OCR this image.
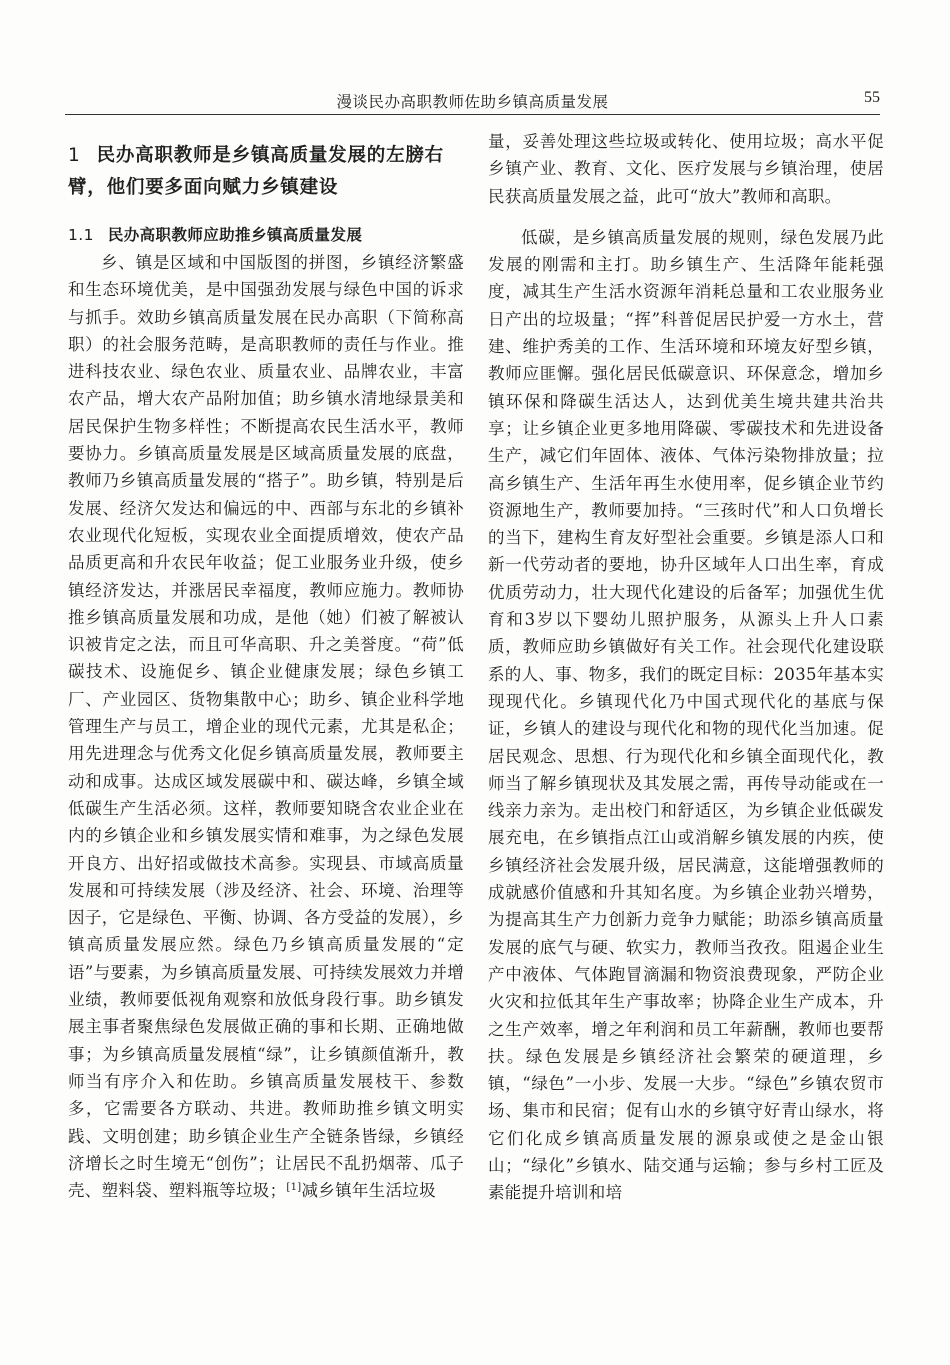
漫谈民办高职教师佐助乡镇高质量发展	55
1 民办高职教师是乡镇高质量发展的左膀右臂，他们要多面向赋力乡镇建设
1.1 民办高职教师应助推乡镇高质量发展

乡、镇是区域和中国版图的拼图，乡镇经济繁盛和生态环境优美，是中国强劲发展与绿色中国的诉求与抓手。效助乡镇高质量发展在民办高职（下简称高职）的社会服务范畴，是高职教师的责任与作业。推进科技农业、绿色农业、质量农业、品牌农业，丰富农产品，增大农产品附加值；助乡镇水清地绿景美和居民保护生物多样性；不断提高农民生活水平，教师要协力。乡镇高质量发展是区域高质量发展的底盘，教师乃乡镇高质量发展的“搭子”。助乡镇，特别是后发展、经济欠发达和偏远的中、西部与东北的乡镇补农业现代化短板，实现农业全面提质增效，使农产品品质更高和升农民年收益；促工业服务业升级，使乡镇经济发达，并涨居民幸福度，教师应施力。教师协推乡镇高质量发展和功成，是他（她）们被了解被认识被肯定之法，而且可华高职、升之美誉度。“荷”低碳技术、设施促乡、镇企业健康发展；绿色乡镇工厂、产业园区、货物集散中心；助乡、镇企业科学地管理生产与员工，增企业的现代元素，尤其是私企；用先进理念与优秀文化促乡镇高质量发展，教师要主动和成事。达成区域发展碳中和、碳达峰，乡镇全域低碳生产生活必须。这样，教师要知晓含农业企业在内的乡镇企业和乡镇发展实情和难事，为之绿色发展开良方、出好招或做技术高参。实现县、市域高质量发展和可持续发展（涉及经济、社会、环境、治理等因子，它是绿色、平衡、协调、各方受益的发展），乡镇高质量发展应然。绿色乃乡镇高质量发展的“定语”与要素，为乡镇高质量发展、可持续发展效力并增业绩，教师要低视角观察和放低身段行事。助乡镇发展主事者聚焦绿色发展做正确的事和长期、正确地做事；为乡镇高质量发展植“绿”，让乡镇颜值渐升，教师当有序介入和佐助。乡镇高质量发展枝干、参数多，它需要各方联动、共进。教师助推乡镇文明实践、文明创建；助乡镇企业生产全链条皆绿，乡镇经济增长之时生境无“创伤”；让居民不乱扔烟蒂、瓜子壳、塑料袋、塑料瓶等垃圾；[1]减乡镇年生活垃圾

量，妥善处理这些垃圾或转化、使用垃圾；高水平促乡镇产业、教育、文化、医疗发展与乡镇治理，使居民获高质量发展之益，此可“放大”教师和高职。

低碳，是乡镇高质量发展的规则，绿色发展乃此发展的刚需和主打。助乡镇生产、生活降年能耗强度，减其生产生活水资源年消耗总量和工农业服务业日产出的垃圾量；“挥”科普促居民护爱一方水土，营建、维护秀美的工作、生活环境和环境友好型乡镇，教师应匪懈。强化居民低碳意识、环保意念，增加乡镇环保和降碳生活达人，达到优美生境共建共治共享；让乡镇企业更多地用降碳、零碳技术和先进设备生产，减它们年固体、液体、气体污染物排放量；拉高乡镇生产、生活年再生水使用率，促乡镇企业节约资源地生产，教师要加持。“三孩时代”和人口负增长的当下，建构生育友好型社会重要。乡镇是添人口和新一代劳动者的要地，协升区域年人口出生率，育成优质劳动力，壮大现代化建设的后备军；加强优生优育和3岁以下婴幼儿照护服务，从源头上升人口素质，教师应助乡镇做好有关工作。社会现代化建设联系的人、事、物多，我们的既定目标：2035年基本实现现代化。乡镇现代化乃中国式现代化的基底与保证，乡镇人的建设与现代化和物的现代化当加速。促居民观念、思想、行为现代化和乡镇全面现代化，教师当了解乡镇现状及其发展之需，再传导动能或在一线亲力亲为。走出校门和舒适区，为乡镇企业低碳发展充电，在乡镇指点江山或消解乡镇发展的内疾，使乡镇经济社会发展升级，居民满意，这能增强教师的成就感价值感和升其知名度。为乡镇企业勃兴增势，为提高其生产力创新力竞争力赋能；助添乡镇高质量发展的底气与硬、软实力，教师当孜孜。阻遏企业生产中液体、气体跑冒滴漏和物资浪费现象，严防企业火灾和拉低其年生产事故率；协降企业生产成本，升之生产效率，增之年利润和员工年薪酬，教师也要帮扶。绿色发展是乡镇经济社会繁荣的硬道理，乡镇，“绿色”一小步、发展一大步。“绿色”乡镇农贸市场、集市和民宿；促有山水的乡镇守好青山绿水，将它们化成乡镇高质量发展的源泉或使之是金山银山；“绿化”乡镇水、陆交通与运输；参与乡村工匠及素能提升培训和培
